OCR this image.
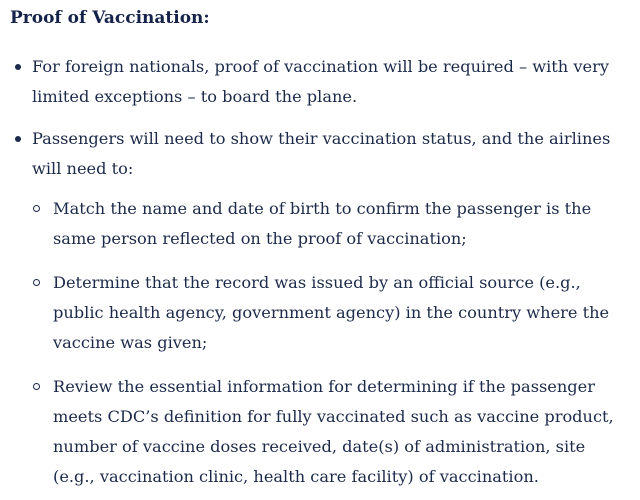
Proof of Vaccination:
For foreign nationals, proof of vaccination will be required – with very limited exceptions – to board the plane.
Passengers will need to show their vaccination status, and the airlines will need to:
Match the name and date of birth to confirm the passenger is the same person reflected on the proof of vaccination;
Determine that the record was issued by an official source (e.g., public health agency, government agency) in the country where the vaccine was given;
Review the essential information for determining if the passenger meets CDC’s definition for fully vaccinated such as vaccine product, number of vaccine doses received, date(s) of administration, site (e.g., vaccination clinic, health care facility) of vaccination.
